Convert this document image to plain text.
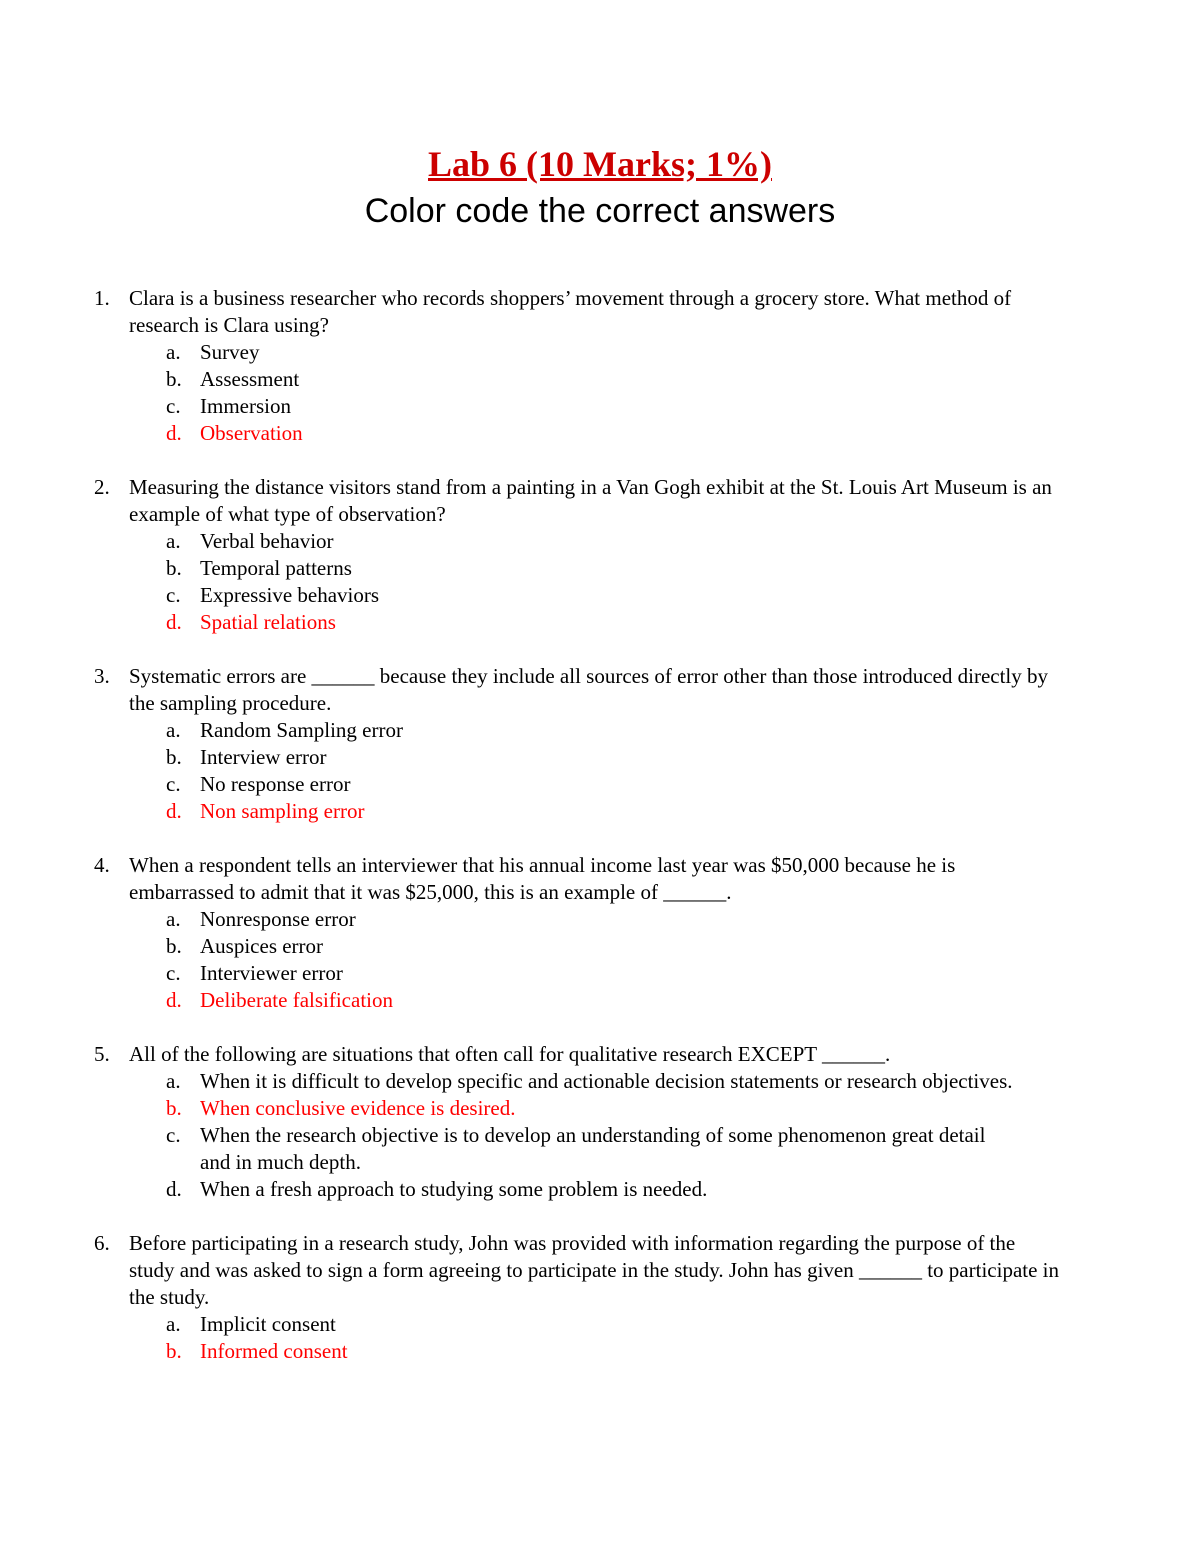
Lab 6 (10 Marks; 1%)
Color code the correct answers
1. Clara is a business researcher who records shoppers’ movement through a grocery store. What method of research is Clara using?
a. Survey
b. Assessment
c. Immersion
d. Observation
2. Measuring the distance visitors stand from a painting in a Van Gogh exhibit at the St. Louis Art Museum is an example of what type of observation?
a. Verbal behavior
b. Temporal patterns
c. Expressive behaviors
d. Spatial relations
3. Systematic errors are ______ because they include all sources of error other than those introduced directly by the sampling procedure.
a. Random Sampling error
b. Interview error
c. No response error
d. Non sampling error
4. When a respondent tells an interviewer that his annual income last year was $50,000 because he is embarrassed to admit that it was $25,000, this is an example of ______.
a. Nonresponse error
b. Auspices error
c. Interviewer error
d. Deliberate falsification
5. All of the following are situations that often call for qualitative research EXCEPT ______.
a. When it is difficult to develop specific and actionable decision statements or research objectives.
b. When conclusive evidence is desired.
c. When the research objective is to develop an understanding of some phenomenon great detail and in much depth.
d. When a fresh approach to studying some problem is needed.
6. Before participating in a research study, John was provided with information regarding the purpose of the study and was asked to sign a form agreeing to participate in the study. John has given ______ to participate in the study.
a. Implicit consent
b. Informed consent
